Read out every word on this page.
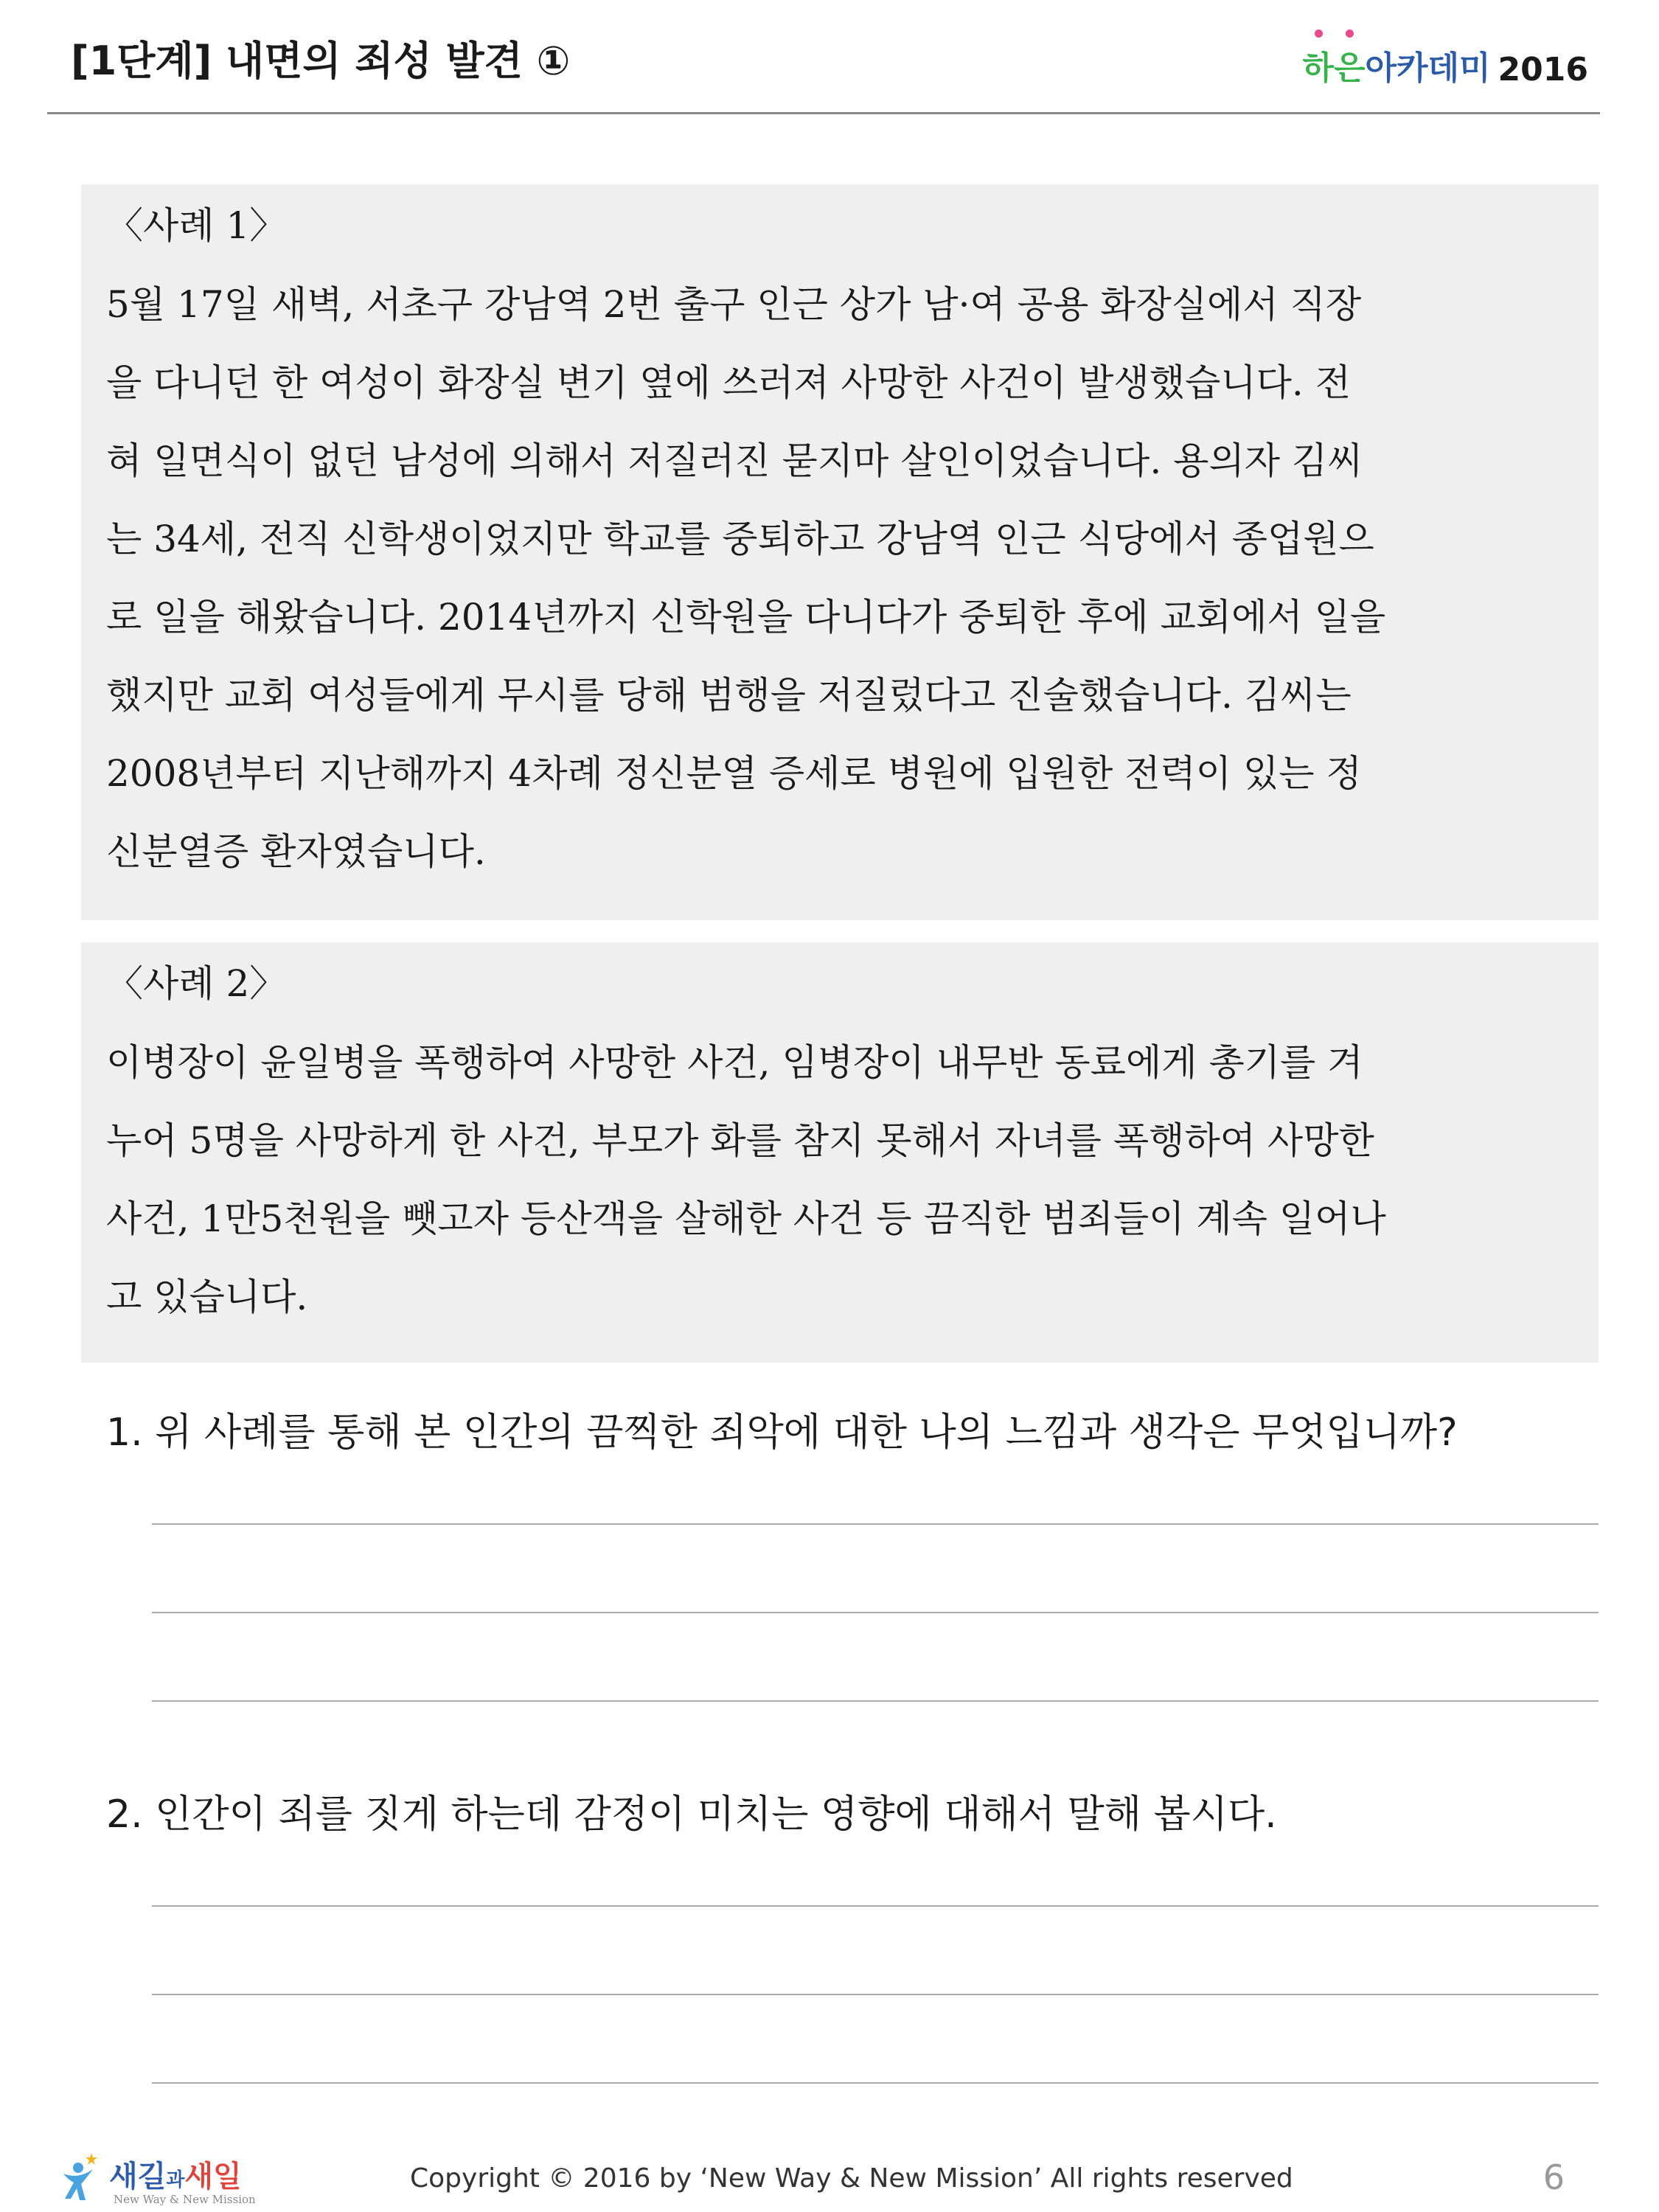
[1단계] 내면의 죄성 발견 ①	하 은 아카데미 2016
〈사례 1〉
5월 17일 새벽, 서초구 강남역 2번 출구 인근 상가 남·여 공용 화장실에서 직장
을 다니던 한 여성이 화장실 변기 옆에 쓰러져 사망한 사건이 발생했습니다. 전
혀 일면식이 없던 남성에 의해서 저질러진 묻지마 살인이었습니다. 용의자 김씨
는 34세, 전직 신학생이었지만 학교를 중퇴하고 강남역 인근 식당에서 종업원으
로 일을 해왔습니다. 2014년까지 신학원을 다니다가 중퇴한 후에 교회에서 일을
했지만 교회 여성들에게 무시를 당해 범행을 저질렀다고 진술했습니다. 김씨는
2008년부터 지난해까지 4차례 정신분열 증세로 병원에 입원한 전력이 있는 정
신분열증 환자였습니다.
〈사례 2〉
이병장이 윤일병을 폭행하여 사망한 사건, 임병장이 내무반 동료에게 총기를 겨
누어 5명을 사망하게 한 사건, 부모가 화를 참지 못해서 자녀를 폭행하여 사망한
사건, 1만5천원을 뺏고자 등산객을 살해한 사건 등 끔직한 범죄들이 계속 일어나
고 있습니다.
1. 위 사례를 통해 본 인간의 끔찍한 죄악에 대한 나의 느낌과 생각은 무엇입니까?
2. 인간이 죄를 짓게 하는데 감정이 미치는 영향에 대해서 말해 봅시다.
새길과새일
New Way & New Mission
Copyright © 2016 by ‘New Way & New Mission’ All rights reserved	6
